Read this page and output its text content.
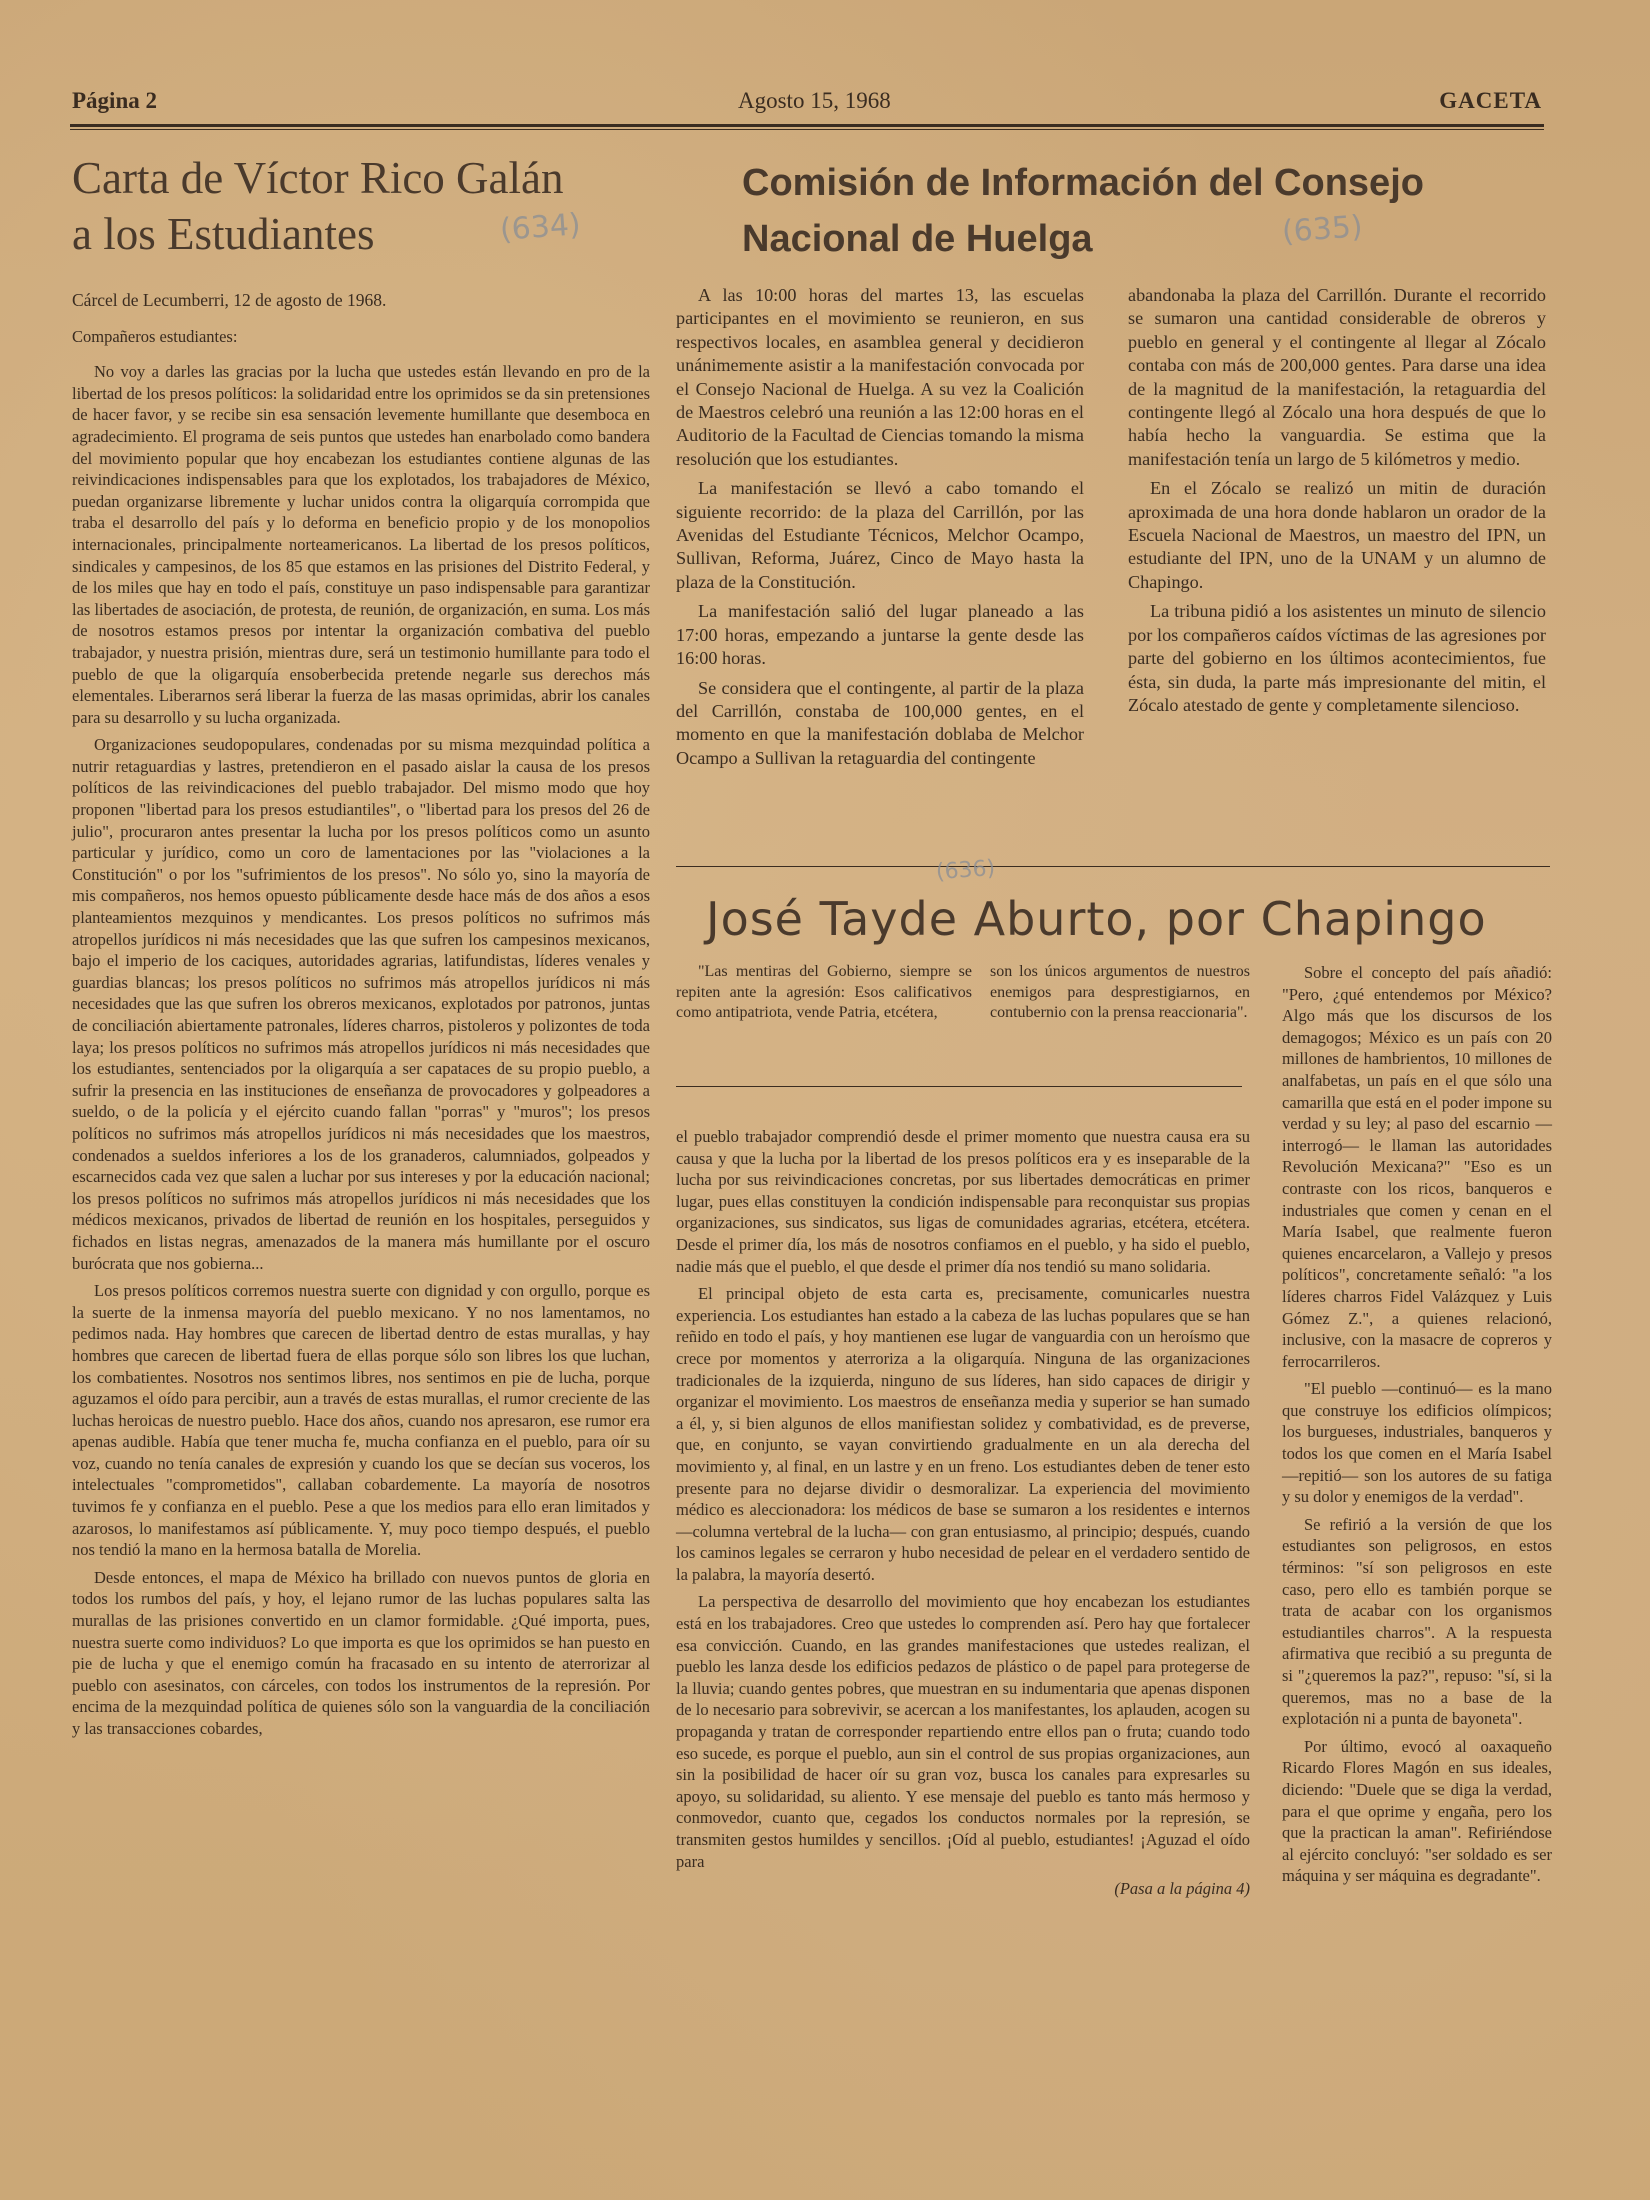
Página 2	Agosto 15, 1968	GACETA
Carta de Víctor Rico Galán
a los Estudiantes	(634)
Comisión de Información del Consejo
Nacional de Huelga	(635)

Cárcel de Lecumberri, 12 de agosto de 1968.

Compañeros estudiantes:

No voy a darles las gracias por la lucha que ustedes están llevando en pro de la libertad de los presos políticos: la solidaridad entre los oprimidos se da sin pretensiones de hacer favor, y se recibe sin esa sensación levemente humillante que desemboca en agradecimiento. El programa de seis puntos que ustedes han enarbolado como bandera del movimiento popular que hoy encabezan los estudiantes contiene algunas de las reivindicaciones indispensables para que los explotados, los trabajadores de México, puedan organizarse libremente y luchar unidos contra la oligarquía corrompida que traba el desarrollo del país y lo deforma en beneficio propio y de los monopolios internacionales, principalmente norteamericanos. La libertad de los presos políticos, sindicales y campesinos, de los 85 que estamos en las prisiones del Distrito Federal, y de los miles que hay en todo el país, constituye un paso indispensable para garantizar las libertades de asociación, de protesta, de reunión, de organización, en suma. Los más de nosotros estamos presos por intentar la organización combativa del pueblo trabajador, y nuestra prisión, mientras dure, será un testimonio humillante para todo el pueblo de que la oligarquía ensoberbecida pretende negarle sus derechos más elementales. Liberarnos será liberar la fuerza de las masas oprimidas, abrir los canales para su desarrollo y su lucha organizada.

Organizaciones seudopopulares, condenadas por su misma mezquindad política a nutrir retaguardias y lastres, pretendieron en el pasado aislar la causa de los presos políticos de las reivindicaciones del pueblo trabajador. Del mismo modo que hoy proponen "libertad para los presos estudiantiles", o "libertad para los presos del 26 de julio", procuraron antes presentar la lucha por los presos políticos como un asunto particular y jurídico, como un coro de lamentaciones por las "violaciones a la Constitución" o por los "sufrimientos de los presos". No sólo yo, sino la mayoría de mis compañeros, nos hemos opuesto públicamente desde hace más de dos años a esos planteamientos mezquinos y mendicantes. Los presos políticos no sufrimos más atropellos jurídicos ni más necesidades que las que sufren los campesinos mexicanos, bajo el imperio de los caciques, autoridades agrarias, latifundistas, líderes venales y guardias blancas; los presos políticos no sufrimos más atropellos jurídicos ni más necesidades que las que sufren los obreros mexicanos, explotados por patronos, juntas de conciliación abiertamente patronales, líderes charros, pistoleros y polizontes de toda laya; los presos políticos no sufrimos más atropellos jurídicos ni más necesidades que los estudiantes, sentenciados por la oligarquía a ser capataces de su propio pueblo, a sufrir la presencia en las instituciones de enseñanza de provocadores y golpeadores a sueldo, o de la policía y el ejército cuando fallan "porras" y "muros"; los presos políticos no sufrimos más atropellos jurídicos ni más necesidades que los maestros, condenados a sueldos inferiores a los de los granaderos, calumniados, golpeados y escarnecidos cada vez que salen a luchar por sus intereses y por la educación nacional; los presos políticos no sufrimos más atropellos jurídicos ni más necesidades que los médicos mexicanos, privados de libertad de reunión en los hospitales, perseguidos y fichados en listas negras, amenazados de la manera más humillante por el oscuro burócrata que nos gobierna...

Los presos políticos corremos nuestra suerte con dignidad y con orgullo, porque es la suerte de la inmensa mayoría del pueblo mexicano. Y no nos lamentamos, no pedimos nada. Hay hombres que carecen de libertad dentro de estas murallas, y hay hombres que carecen de libertad fuera de ellas porque sólo son libres los que luchan, los combatientes. Nosotros nos sentimos libres, nos sentimos en pie de lucha, porque aguzamos el oído para percibir, aun a través de estas murallas, el rumor creciente de las luchas heroicas de nuestro pueblo. Hace dos años, cuando nos apresaron, ese rumor era apenas audible. Había que tener mucha fe, mucha confianza en el pueblo, para oír su voz, cuando no tenía canales de expresión y cuando los que se decían sus voceros, los intelectuales "comprometidos", callaban cobardemente. La mayoría de nosotros tuvimos fe y confianza en el pueblo. Pese a que los medios para ello eran limitados y azarosos, lo manifestamos así públicamente. Y, muy poco tiempo después, el pueblo nos tendió la mano en la hermosa batalla de Morelia.

Desde entonces, el mapa de México ha brillado con nuevos puntos de gloria en todos los rumbos del país, y hoy, el lejano rumor de las luchas populares salta las murallas de las prisiones convertido en un clamor formidable. ¿Qué importa, pues, nuestra suerte como individuos? Lo que importa es que los oprimidos se han puesto en pie de lucha y que el enemigo común ha fracasado en su intento de aterrorizar al pueblo con asesinatos, con cárceles, con todos los instrumentos de la represión. Por encima de la mezquindad política de quienes sólo son la vanguardia de la conciliación y las transacciones cobardes,

A las 10:00 horas del martes 13, las escuelas participantes en el movimiento se reunieron, en sus respectivos locales, en asamblea general y decidieron unánimemente asistir a la manifestación convocada por el Consejo Nacional de Huelga. A su vez la Coalición de Maestros celebró una reunión a las 12:00 horas en el Auditorio de la Facultad de Ciencias tomando la misma resolución que los estudiantes.

La manifestación se llevó a cabo tomando el siguiente recorrido: de la plaza del Carrillón, por las Avenidas del Estudiante Técnicos, Melchor Ocampo, Sullivan, Reforma, Juárez, Cinco de Mayo hasta la plaza de la Constitución.

La manifestación salió del lugar planeado a las 17:00 horas, empezando a juntarse la gente desde las 16:00 horas.

Se considera que el contingente, al partir de la plaza del Carrillón, constaba de 100,000 gentes, en el momento en que la manifestación doblaba de Melchor Ocampo a Sullivan la retaguardia del contingente

abandonaba la plaza del Carrillón. Durante el recorrido se sumaron una cantidad considerable de obreros y pueblo en general y el contingente al llegar al Zócalo contaba con más de 200,000 gentes. Para darse una idea de la magnitud de la manifestación, la retaguardia del contingente llegó al Zócalo una hora después de que lo había hecho la vanguardia. Se estima que la manifestación tenía un largo de 5 kilómetros y medio.

En el Zócalo se realizó un mitin de duración aproximada de una hora donde hablaron un orador de la Escuela Nacional de Maestros, un maestro del IPN, un estudiante del IPN, uno de la UNAM y un alumno de Chapingo.

La tribuna pidió a los asistentes un minuto de silencio por los compañeros caídos víctimas de las agresiones por parte del gobierno en los últimos acontecimientos, fue ésta, sin duda, la parte más impresionante del mitin, el Zócalo atestado de gente y completamente silencioso.

(636)
José Tayde Aburto, por Chapingo

"Las mentiras del Gobierno, siempre se repiten ante la agresión: Esos calificativos como antipatriota, vende Patria, etcétera,

son los únicos argumentos de nuestros enemigos para desprestigiarnos, en contubernio con la prensa reaccionaria".

el pueblo trabajador comprendió desde el primer momento que nuestra causa era su causa y que la lucha por la libertad de los presos políticos era y es inseparable de la lucha por sus reivindicaciones concretas, por sus libertades democráticas en primer lugar, pues ellas constituyen la condición indispensable para reconquistar sus propias organizaciones, sus sindicatos, sus ligas de comunidades agrarias, etcétera, etcétera. Desde el primer día, los más de nosotros confiamos en el pueblo, y ha sido el pueblo, nadie más que el pueblo, el que desde el primer día nos tendió su mano solidaria.

El principal objeto de esta carta es, precisamente, comunicarles nuestra experiencia. Los estudiantes han estado a la cabeza de las luchas populares que se han reñido en todo el país, y hoy mantienen ese lugar de vanguardia con un heroísmo que crece por momentos y aterroriza a la oligarquía. Ninguna de las organizaciones tradicionales de la izquierda, ninguno de sus líderes, han sido capaces de dirigir y organizar el movimiento. Los maestros de enseñanza media y superior se han sumado a él, y, si bien algunos de ellos manifiestan solidez y combatividad, es de preverse, que, en conjunto, se vayan convirtiendo gradualmente en un ala derecha del movimiento y, al final, en un lastre y en un freno. Los estudiantes deben de tener esto presente para no dejarse dividir o desmoralizar. La experiencia del movimiento médico es aleccionadora: los médicos de base se sumaron a los residentes e internos —columna vertebral de la lucha— con gran entusiasmo, al principio; después, cuando los caminos legales se cerraron y hubo necesidad de pelear en el verdadero sentido de la palabra, la mayoría desertó.

La perspectiva de desarrollo del movimiento que hoy encabezan los estudiantes está en los trabajadores. Creo que ustedes lo comprenden así. Pero hay que fortalecer esa convicción. Cuando, en las grandes manifestaciones que ustedes realizan, el pueblo les lanza desde los edificios pedazos de plástico o de papel para protegerse de la lluvia; cuando gentes pobres, que muestran en su indumentaria que apenas disponen de lo necesario para sobrevivir, se acercan a los manifestantes, los aplauden, acogen su propaganda y tratan de corresponder repartiendo entre ellos pan o fruta; cuando todo eso sucede, es porque el pueblo, aun sin el control de sus propias organizaciones, aun sin la posibilidad de hacer oír su gran voz, busca los canales para expresarles su apoyo, su solidaridad, su aliento. Y ese mensaje del pueblo es tanto más hermoso y conmovedor, cuanto que, cegados los conductos normales por la represión, se transmiten gestos humildes y sencillos. ¡Oíd al pueblo, estudiantes! ¡Aguzad el oído para

(Pasa a la página 4)

Sobre el concepto del país añadió: "Pero, ¿qué entendemos por México? Algo más que los discursos de los demagogos; México es un país con 20 millones de hambrientos, 10 millones de analfabetas, un país en el que sólo una camarilla que está en el poder impone su verdad y su ley; al paso del escarnio —interrogó— le llaman las autoridades Revolución Mexicana?" "Eso es un contraste con los ricos, banqueros e industriales que comen y cenan en el María Isabel, que realmente fueron quienes encarcelaron, a Vallejo y presos políticos", concretamente señaló: "a los líderes charros Fidel Valázquez y Luis Gómez Z.", a quienes relacionó, inclusive, con la masacre de copreros y ferrocarrileros.

"El pueblo —continuó— es la mano que construye los edificios olímpicos; los burgueses, industriales, banqueros y todos los que comen en el María Isabel —repitió— son los autores de su fatiga y su dolor y enemigos de la verdad".

Se refirió a la versión de que los estudiantes son peligrosos, en estos términos: "sí son peligrosos en este caso, pero ello es también porque se trata de acabar con los organismos estudiantiles charros". A la respuesta afirmativa que recibió a su pregunta de si "¿queremos la paz?", repuso: "sí, si la queremos, mas no a base de la explotación ni a punta de bayoneta".

Por último, evocó al oaxaqueño Ricardo Flores Magón en sus ideales, diciendo: "Duele que se diga la verdad, para el que oprime y engaña, pero los que la practican la aman". Refiriéndose al ejército concluyó: "ser soldado es ser máquina y ser máquina es degradante".
